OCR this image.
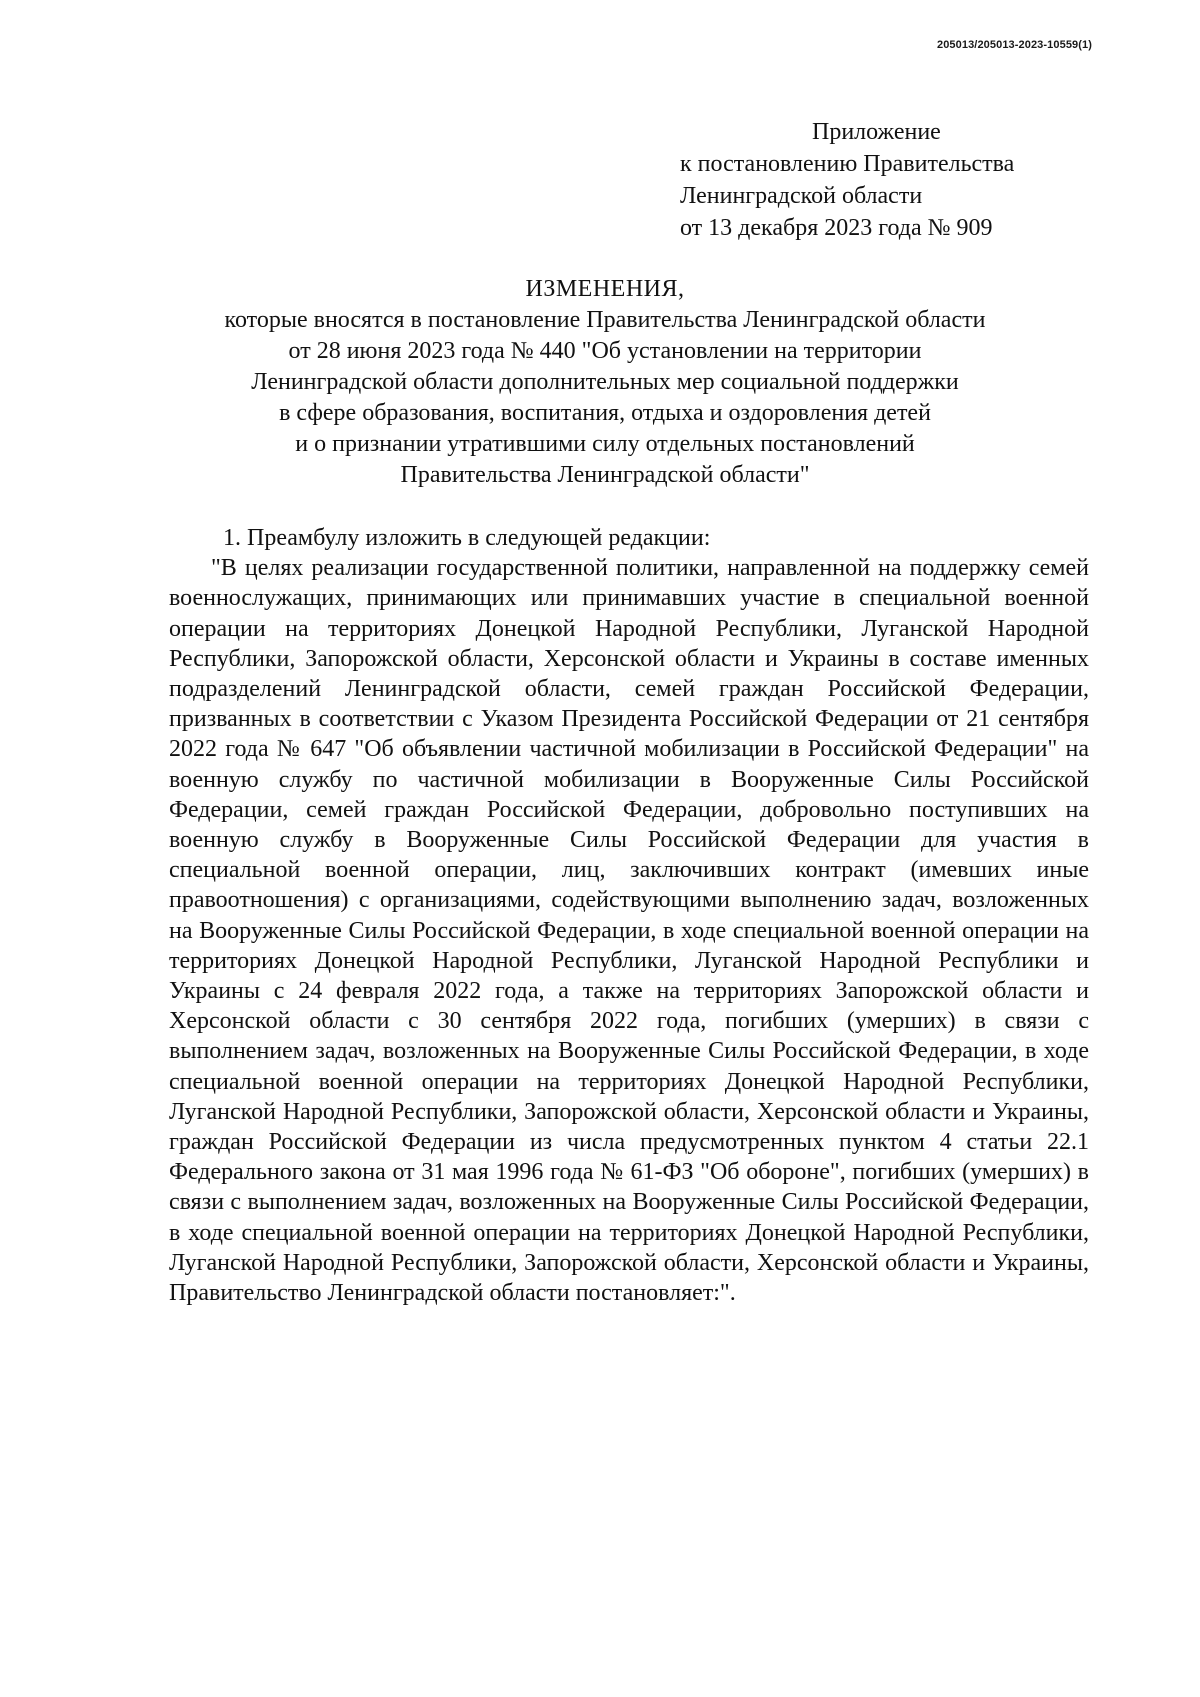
205013/205013-2023-10559(1)
Приложение
к постановлению Правительства
Ленинградской области
от 13 декабря 2023 года № 909
ИЗМЕНЕНИЯ,
которые вносятся в постановление Правительства Ленинградской области
от 28 июня 2023 года № 440 "Об установлении на территории
Ленинградской области дополнительных мер социальной поддержки
в сфере образования, воспитания, отдыха и оздоровления детей
и о признании утратившими силу отдельных постановлений
Правительства Ленинградской области"

1. Преамбулу изложить в следующей редакции:

"В целях реализации государственной политики, направленной на поддержку семей военнослужащих, принимающих или принимавших участие в специальной военной операции на территориях Донецкой Народной Республики, Луганской Народной Республики, Запорожской области, Херсонской области и Украины в составе именных подразделений Ленинградской области, семей граждан Российской Федерации, призванных в соответствии с Указом Президента Российской Федерации от 21 сентября 2022 года № 647 "Об объявлении частичной мобилизации в Российской Федерации" на военную службу по частичной мобилизации в Вооруженные Силы Российской Федерации, семей граждан Российской Федерации, добровольно поступивших на военную службу в Вооруженные Силы Российской Федерации для участия в специальной военной операции, лиц, заключивших контракт (имевших иные правоотношения) с организациями, содействующими выполнению задач, возложенных на Вооруженные Силы Российской Федерации, в ходе специальной военной операции на территориях Донецкой Народной Республики, Луганской Народной Республики и Украины с 24 февраля 2022 года, а также на территориях Запорожской области и Херсонской области с 30 сентября 2022 года, погибших (умерших) в связи с выполнением задач, возложенных на Вооруженные Силы Российской Федерации, в ходе специальной военной операции на территориях Донецкой Народной Республики, Луганской Народной Республики, Запорожской области, Херсонской области и Украины, граждан Российской Федерации из числа предусмотренных пунктом 4 статьи 22.1 Федерального закона от 31 мая 1996 года № 61-ФЗ "Об обороне", погибших (умерших) в связи с выполнением задач, возложенных на Вооруженные Силы Российской Федерации, в ходе специальной военной операции на территориях Донецкой Народной Республики, Луганской Народной Республики, Запорожской области, Херсонской области и Украины, Правительство Ленинградской области постановляет:".
